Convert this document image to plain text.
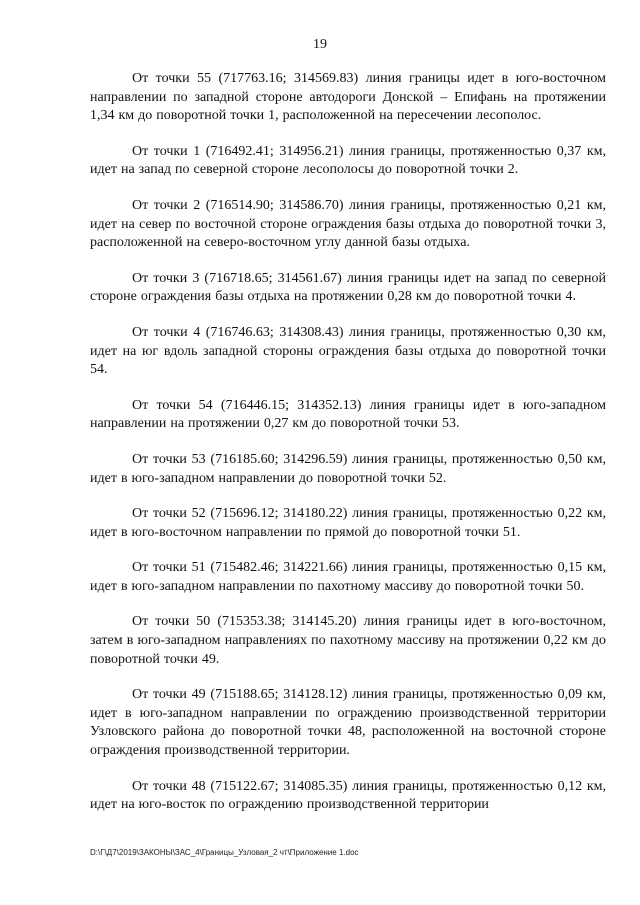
19

От точки 55 (717763.16; 314569.83) линия границы идет в юго-восточном направлении по западной стороне автодороги Донской – Епифань на протяжении 1,34 км до поворотной точки 1, расположенной на пересечении лесополос.

От точки 1 (716492.41; 314956.21) линия границы, протяженностью 0,37 км, идет на запад по северной стороне лесополосы до поворотной точки 2.

От точки 2 (716514.90; 314586.70) линия границы, протяженностью 0,21 км, идет на север по восточной стороне ограждения базы отдыха до поворотной точки 3, расположенной на северо-восточном углу данной базы отдыха.

От точки 3 (716718.65; 314561.67) линия границы идет на запад по северной стороне ограждения базы отдыха на протяжении 0,28 км до поворотной точки 4.

От точки 4 (716746.63; 314308.43) линия границы, протяженностью 0,30 км, идет на юг вдоль западной стороны ограждения базы отдыха до поворотной точки 54.

От точки 54 (716446.15; 314352.13) линия границы идет в юго-западном направлении на протяжении 0,27 км до поворотной точки 53.

От точки 53 (716185.60; 314296.59) линия границы, протяженностью 0,50 км, идет в юго-западном направлении до поворотной точки 52.

От точки 52 (715696.12; 314180.22) линия границы, протяженностью 0,22 км, идет в юго-восточном направлении по прямой до поворотной точки 51.

От точки 51 (715482.46; 314221.66) линия границы, протяженностью 0,15 км, идет в юго-западном направлении по пахотному массиву до поворотной точки 50.

От точки 50 (715353.38; 314145.20) линия границы идет в юго-восточном, затем в юго-западном направлениях по пахотному массиву на протяжении 0,22 км до поворотной точки 49.

От точки 49 (715188.65; 314128.12) линия границы, протяженностью 0,09 км, идет в юго-западном направлении по ограждению производственной территории Узловского района до поворотной точки 48, расположенной на восточной стороне ограждения производственной территории.

От точки 48 (715122.67; 314085.35) линия границы, протяженностью 0,12 км, идет на юго-восток по ограждению производственной территории

D:\Г\Д7\2019\ЗАКОНЫ\ЗАС_4\Границы_Узловая_2 чт\Приложение 1.doc
